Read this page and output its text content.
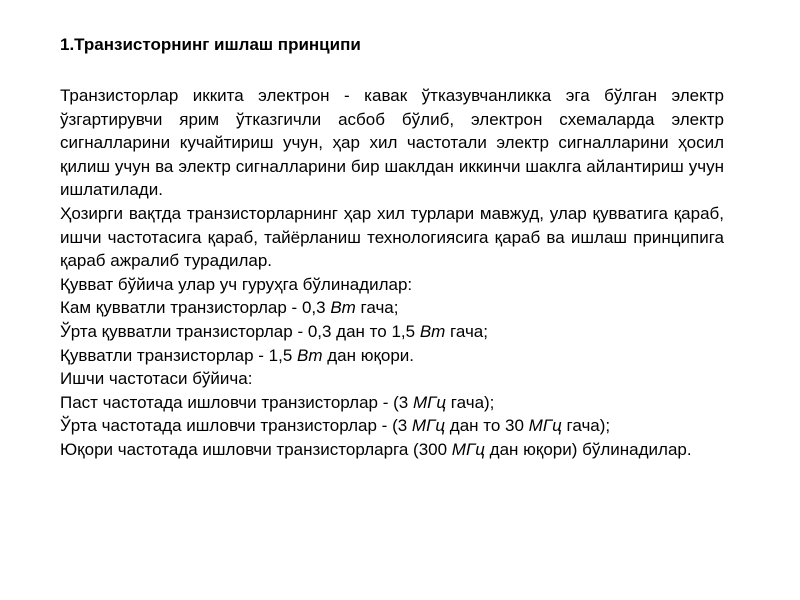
1.Транзисторнинг ишлаш принципи

Транзисторлар иккита электрон - кавак ўтказувчанликка эга бўлган электр ўзгартирувчи ярим ўтказгичли асбоб бўлиб, электрон схемаларда электр сигналларини кучайтириш учун, ҳар хил частотали электр сигналларини ҳосил қилиш учун ва электр сигналларини бир шаклдан иккинчи шаклга айлантириш учун ишлатилади.

Ҳозирги вақтда транзисторларнинг ҳар хил турлари мавжуд, улар қувватига қараб, ишчи частотасига қараб, тайёрланиш технологиясига қараб ва ишлаш принципига қараб ажралиб турадилар.

Қувват бўйича улар уч гуруҳга бўлинадилар:

Кам қувватли транзисторлар - 0,3 Вт гача;

Ўрта қувватли транзисторлар - 0,3 дан то 1,5 Вт гача;

Қувватли транзисторлар - 1,5 Вт дан юқори.

Ишчи частотаси бўйича:

Паст частотада ишловчи транзисторлар - (3 МГц гача);

Ўрта частотада ишловчи транзисторлар - (3 МГц дан то 30 МГц гача);

Юқори частотада ишловчи транзисторларга (300 МГц дан юқори) бўлинадилар.
